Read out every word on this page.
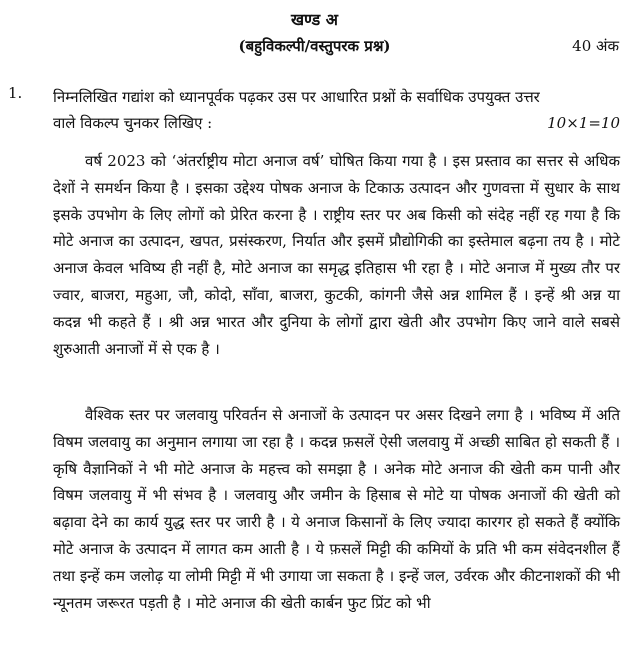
खण्ड अ
(बहुविकल्पी/वस्तुपरक प्रश्न)	40 अंक
1. निम्नलिखित गद्यांश को ध्यानपूर्वक पढ़कर उस पर आधारित प्रश्नों के सर्वाधिक उपयुक्त उत्तर
वाले विकल्प चुनकर लिखिए :	10×1=10

वर्ष 2023 को ‘अंतर्राष्ट्रीय मोटा अनाज वर्ष’ घोषित किया गया है । इस प्रस्ताव का सत्तर से अधिक देशों ने समर्थन किया है । इसका उद्देश्य पोषक अनाज के टिकाऊ उत्पादन और गुणवत्ता में सुधार के साथ इसके उपभोग के लिए लोगों को प्रेरित करना है । राष्ट्रीय स्तर पर अब किसी को संदेह नहीं रह गया है कि मोटे अनाज का उत्पादन, खपत, प्रसंस्करण, निर्यात और इसमें प्रौद्योगिकी का इस्तेमाल बढ़ना तय है । मोटे अनाज केवल भविष्य ही नहीं है, मोटे अनाज का समृद्ध इतिहास भी रहा है । मोटे अनाज में मुख्य तौर पर ज्वार, बाजरा, महुआ, जौ, कोदो, साँवा, बाजरा, कुटकी, कांगनी जैसे अन्न शामिल हैं । इन्हें श्री अन्न या कदन्न भी कहते हैं । श्री अन्न भारत और दुनिया के लोगों द्वारा खेती और उपभोग किए जाने वाले सबसे शुरुआती अनाजों में से एक है ।

वैश्विक स्तर पर जलवायु परिवर्तन से अनाजों के उत्पादन पर असर दिखने लगा है । भविष्य में अति विषम जलवायु का अनुमान लगाया जा रहा है । कदन्न फ़सलें ऐसी जलवायु में अच्छी साबित हो सकती हैं । कृषि वैज्ञानिकों ने भी मोटे अनाज के महत्त्व को समझा है । अनेक मोटे अनाज की खेती कम पानी और विषम जलवायु में भी संभव है । जलवायु और जमीन के हिसाब से मोटे या पोषक अनाजों की खेती को बढ़ावा देने का कार्य युद्ध स्तर पर जारी है । ये अनाज किसानों के लिए ज्यादा कारगर हो सकते हैं क्योंकि मोटे अनाज के उत्पादन में लागत कम आती है । ये फ़सलें मिट्टी की कमियों के प्रति भी कम संवेदनशील हैं तथा इन्हें कम जलोढ़ या लोमी मिट्टी में भी उगाया जा सकता है । इन्हें जल, उर्वरक और कीटनाशकों की भी न्यूनतम जरूरत पड़ती है । मोटे अनाज की खेती कार्बन फुट प्रिंट को भी
